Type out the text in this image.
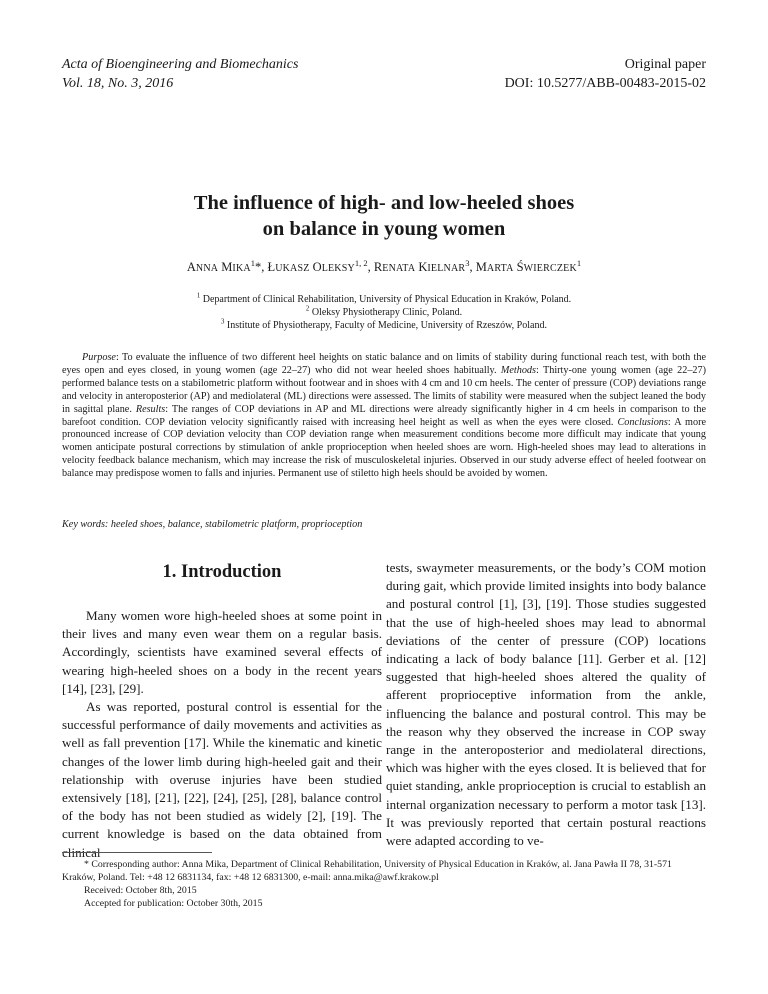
Acta of Bioengineering and Biomechanics
Vol. 18, No. 3, 2016
Original paper
DOI: 10.5277/ABB-00483-2015-02
The influence of high- and low-heeled shoes
on balance in young women
ANNA MIKA$^1$*, ŁUKASZ OLEKSY$^{1, 2}$, RENATA KIELNAR$^3$, MARTA ŚWIERCZEK$^1$
$^1$ Department of Clinical Rehabilitation, University of Physical Education in Kraków, Poland.
$^2$ Oleksy Physiotherapy Clinic, Poland.
$^3$ Institute of Physiotherapy, Faculty of Medicine, University of Rzeszów, Poland.

Purpose: To evaluate the influence of two different heel heights on static balance and on limits of stability during functional reach test, with both the eyes open and eyes closed, in young women (age 22–27) who did not wear heeled shoes habitually. Methods: Thirty-one young women (age 22–27) performed balance tests on a stabilometric platform without footwear and in shoes with 4 cm and 10 cm heels. The center of pressure (COP) deviations range and velocity in anteroposterior (AP) and mediolateral (ML) directions were assessed. The limits of stability were measured when the subject leaned the body in sagittal plane. Results: The ranges of COP deviations in AP and ML directions were already significantly higher in 4 cm heels in comparison to the barefoot condition. COP deviation velocity significantly raised with increasing heel height as well as when the eyes were closed. Conclusions: A more pronounced increase of COP deviation velocity than COP deviation range when measurement conditions become more difficult may indicate that young women anticipate postural corrections by stimulation of ankle proprioception when heeled shoes are worn. High-heeled shoes may lead to alterations in velocity feedback balance mechanism, which may increase the risk of musculoskeletal injuries. Observed in our study adverse effect of heeled footwear on balance may predispose women to falls and injuries. Permanent use of stiletto high heels should be avoided by women.

Key words: heeled shoes, balance, stabilometric platform, proprioception

1. Introduction

Many women wore high-heeled shoes at some point in their lives and many even wear them on a regular basis. Accordingly, scientists have examined several effects of wearing high-heeled shoes on a body in the recent years [14], [23], [29].

As was reported, postural control is essential for the successful performance of daily movements and activities as well as fall prevention [17]. While the kinematic and kinetic changes of the lower limb during high-heeled gait and their relationship with overuse injuries have been studied extensively [18], [21], [22], [24], [25], [28], balance control of the body has not been studied as widely [2], [19]. The current knowledge is based on the data obtained from clinical

tests, swaymeter measurements, or the body’s COM motion during gait, which provide limited insights into body balance and postural control [1], [3], [19]. Those studies suggested that the use of high-heeled shoes may lead to abnormal deviations of the center of pressure (COP) locations indicating a lack of body balance [11]. Gerber et al. [12] suggested that high-heeled shoes altered the quality of afferent proprioceptive information from the ankle, influencing the balance and postural control. This may be the reason why they observed the increase in COP sway range in the anteroposterior and mediolateral directions, which was higher with the eyes closed. It is believed that for quiet standing, ankle proprioception is crucial to establish an internal organization necessary to perform a motor task [13]. It was previously reported that certain postural reactions were adapted according to ve-

* Corresponding author: Anna Mika, Department of Clinical Rehabilitation, University of Physical Education in Kraków, al. Jana Pawła II 78, 31-571 Kraków, Poland. Tel: +48 12 6831134, fax: +48 12 6831300, e-mail: anna.mika@awf.krakow.pl
Received: October 8th, 2015
Accepted for publication: October 30th, 2015
